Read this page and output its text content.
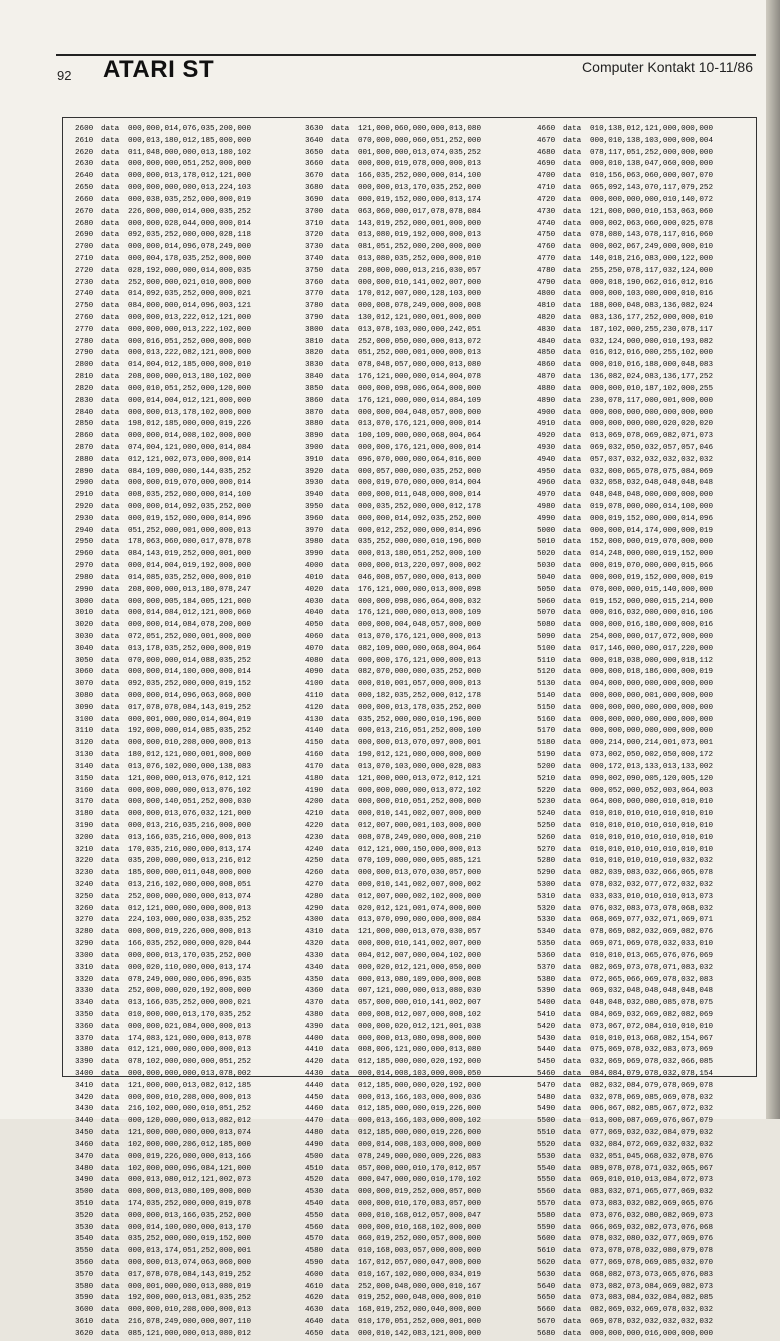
92 ATARI ST	Computer Kontakt 10-11/86
2600 data 000,000,014,076,035,200,000
2610 data 000,013,180,012,185,000,000
2620 data 011,048,000,000,013,180,102
2630 data 000,000,000,051,252,000,000
2640 data 000,000,013,178,012,121,000
2650 data 000,000,000,000,013,224,103
2660 data 000,038,035,252,000,000,019
2670 data 226,000,000,014,000,035,252
2680 data 000,000,028,044,000,000,014
2690 data 092,035,252,000,000,028,118
2700 data 000,000,014,096,078,249,000
2710 data 000,004,178,035,252,000,000
2720 data 028,192,000,000,014,000,035
2730 data 252,000,000,021,010,000,000
2740 data 014,092,035,252,000,000,021
2750 data 084,000,000,014,096,003,121
2760 data 000,000,013,222,012,121,000
2770 data 000,000,000,013,222,102,000
2780 data 000,016,051,252,000,000,000
2790 data 000,013,222,082,121,000,000
2800 data 014,004,012,185,000,000,010
2810 data 208,000,000,013,180,102,000
2820 data 000,010,051,252,000,120,000
2830 data 000,014,004,012,121,000,000
2840 data 000,000,013,178,102,000,000
2850 data 198,012,185,000,000,019,226
2860 data 000,000,014,008,102,000,000
2870 data 074,004,121,000,000,014,084
2880 data 012,121,002,073,000,000,014
2890 data 084,109,000,000,144,035,252
2900 data 000,000,019,070,000,000,014
2910 data 008,035,252,000,000,014,100
2920 data 000,000,014,092,035,252,000
2930 data 000,019,152,000,000,014,096
2940 data 051,252,000,001,000,000,013
2950 data 178,063,060,000,017,078,078
2960 data 084,143,019,252,000,001,000
2970 data 000,014,004,019,192,000,000
2980 data 014,085,035,252,000,000,010
2990 data 208,000,000,013,180,078,247
3000 data 000,000,005,184,005,121,000
3010 data 000,014,084,012,121,000,060
3020 data 000,000,014,084,078,200,000
3030 data 072,051,252,000,001,000,000
3040 data 013,178,035,252,000,000,019
3050 data 070,000,000,014,088,035,252
3060 data 000,000,014,100,000,000,014
3070 data 092,035,252,000,000,019,152
3080 data 000,000,014,096,063,060,000
3090 data 017,078,078,084,143,019,252
3100 data 000,001,000,000,014,004,019
3110 data 192,000,000,014,085,035,252
3120 data 000,000,010,208,000,000,013
3130 data 180,012,121,000,001,000,000
3140 data 013,076,102,000,000,138,083
3150 data 121,000,000,013,076,012,121
3160 data 000,000,000,000,013,076,102
3170 data 000,000,140,051,252,000,030
3180 data 000,000,013,076,032,121,000
3190 data 000,013,216,035,216,000,000
3200 data 013,166,035,216,000,000,013
3210 data 170,035,216,000,000,013,174
3220 data 035,200,000,000,013,216,012
3230 data 185,000,000,011,048,000,000
3240 data 013,216,102,000,000,008,051
3250 data 252,000,000,000,000,013,074
3260 data 012,121,000,000,000,000,013
3270 data 224,103,000,000,038,035,252
3280 data 000,000,019,226,000,000,013
3290 data 166,035,252,000,000,020,044
3300 data 000,000,013,170,035,252,000
3310 data 000,020,110,000,000,013,174
3320 data 078,249,000,000,006,096,035
3330 data 252,000,000,020,192,000,000
3340 data 013,166,035,252,000,000,021
3350 data 010,000,000,013,170,035,252
3360 data 000,000,021,084,000,000,013
3370 data 174,083,121,000,000,013,078
3380 data 012,121,000,000,000,000,013
3390 data 078,102,000,000,000,051,252
3400 data 000,000,000,000,013,078,002
3410 data 121,000,000,013,082,012,185
3420 data 000,000,010,208,000,000,013
3430 data 216,102,000,000,010,051,252
3440 data 000,120,000,000,013,082,012
3450 data 121,000,000,000,000,013,074
3460 data 102,000,000,206,012,185,000
3470 data 000,019,226,000,000,013,166
3480 data 102,000,000,096,084,121,000
3490 data 000,013,080,012,121,002,073
3500 data 000,000,013,080,109,000,000
3510 data 174,035,252,000,000,019,078
3520 data 000,000,013,166,035,252,000
3530 data 000,014,100,000,000,013,170
3540 data 035,252,000,000,019,152,000
3550 data 000,013,174,051,252,000,001
3560 data 000,000,013,074,063,060,000
3570 data 017,078,078,084,143,019,252
3580 data 000,001,000,000,013,080,019
3590 data 192,000,000,013,081,035,252
3600 data 000,000,010,208,000,000,013
3610 data 216,078,249,000,000,007,110
3620 data 085,121,000,000,013,080,012
3630 data 121,000,060,000,000,013,080
3640 data 070,000,000,060,051,252,000
3650 data 001,000,000,013,074,035,252
3660 data 000,000,019,078,000,000,013
3670 data 166,035,252,000,000,014,100
3680 data 000,000,013,170,035,252,000
3690 data 000,019,152,000,000,013,174
3700 data 063,060,000,017,078,078,084
3710 data 143,019,252,000,001,000,000
3720 data 013,080,019,192,000,000,013
3730 data 081,051,252,000,200,000,000
3740 data 013,080,035,252,000,000,010
3750 data 208,000,000,013,216,030,057
3760 data 000,000,010,141,002,007,000
3770 data 170,012,007,000,128,103,000
3780 data 000,008,078,249,000,000,008
3790 data 130,012,121,000,001,000,000
3800 data 013,078,103,000,000,242,051
3810 data 252,000,050,000,000,013,072
3820 data 051,252,000,001,000,000,013
3830 data 078,048,057,000,000,013,080
3840 data 176,121,000,000,014,004,078
3850 data 000,000,098,006,064,000,000
3860 data 176,121,000,000,014,084,109
3870 data 000,000,004,048,057,000,000
3880 data 013,070,176,121,000,000,014
3890 data 100,109,000,000,068,004,064
3900 data 000,000,176,121,000,000,014
3910 data 096,070,000,000,064,016,000
3920 data 000,057,000,000,035,252,000
3930 data 000,019,070,000,000,014,004
3940 data 000,000,011,048,000,000,014
3950 data 000,035,252,000,000,012,178
3960 data 000,000,014,092,035,252,000
3970 data 000,012,252,000,000,014,096
3980 data 035,252,000,000,010,196,000
3990 data 000,013,180,051,252,000,100
4000 data 000,000,013,220,097,000,002
4010 data 046,008,057,000,000,013,000
4020 data 176,121,000,000,013,000,098
4030 data 000,000,098,006,064,000,032
4040 data 176,121,000,000,013,000,109
4050 data 000,000,004,048,057,000,000
4060 data 013,070,176,121,000,000,013
4070 data 082,109,000,000,068,004,064
4080 data 000,000,176,121,000,000,013
4090 data 082,070,000,000,035,252,000
4100 data 000,010,001,057,000,000,013
4110 data 000,182,035,252,000,012,178
4120 data 000,000,013,178,035,252,000
4130 data 035,252,000,000,010,196,000
4140 data 000,013,216,051,252,000,100
4150 data 000,000,013,070,097,000,001
4160 data 190,012,121,000,000,000,000
4170 data 013,070,103,000,000,028,083
4180 data 121,000,000,013,072,012,121
4190 data 000,000,000,000,013,072,102
4200 data 000,000,010,051,252,000,000
4210 data 000,010,141,002,007,000,000
4220 data 012,007,000,001,103,000,000
4230 data 008,078,249,000,000,008,210
4240 data 012,121,000,150,000,000,013
4250 data 070,109,000,000,005,085,121
4260 data 000,000,013,070,030,057,000
4270 data 000,010,141,002,007,000,002
4280 data 012,007,000,002,102,000,000
4290 data 020,012,121,001,074,000,000
4300 data 013,070,090,000,000,000,084
4310 data 121,000,000,013,070,030,057
4320 data 000,000,010,141,002,007,000
4330 data 004,012,007,000,004,102,000
4340 data 000,020,012,121,000,050,000
4350 data 000,013,080,109,000,000,008
4360 data 007,121,000,000,013,080,030
4370 data 057,000,000,010,141,002,007
4380 data 000,008,012,007,000,008,102
4390 data 000,000,020,012,121,001,038
4400 data 000,000,013,080,098,000,000
4410 data 008,006,121,000,000,013,080
4420 data 012,185,000,000,020,192,000
4430 data 000,014,008,103,000,000,050
4440 data 012,185,000,000,020,192,000
4450 data 000,013,166,103,000,000,036
4460 data 012,185,000,000,019,226,000
4470 data 000,013,166,103,000,000,102
4480 data 012,185,000,000,019,226,000
4490 data 000,014,008,103,000,000,000
4500 data 078,249,000,000,009,226,083
4510 data 057,000,000,010,170,012,057
4520 data 000,047,000,000,010,170,102
4530 data 000,000,019,252,000,057,000
4540 data 000,000,010,170,083,057,000
4550 data 000,010,168,012,057,000,047
4560 data 000,000,010,168,102,000,000
4570 data 060,019,252,000,057,000,000
4580 data 010,168,003,057,000,000,000
4590 data 167,012,057,000,047,000,000
4600 data 010,167,102,000,000,034,019
4610 data 252,000,048,000,000,010,167
4620 data 019,252,000,048,000,000,010
4630 data 168,019,252,000,040,000,000
4640 data 010,170,051,252,000,001,000
4650 data 000,010,142,083,121,000,000
4660 data 010,138,012,121,000,000,000
4670 data 000,010,138,103,000,000,004
4680 data 078,117,051,252,000,000,000
4690 data 000,010,138,047,060,000,000
4700 data 010,156,063,060,000,007,070
4710 data 065,092,143,070,117,079,252
4720 data 000,000,000,000,010,140,072
4730 data 121,000,000,010,153,063,060
4740 data 000,002,063,060,000,025,078
4750 data 078,080,143,078,117,016,060
4760 data 000,002,067,249,000,000,010
4770 data 140,018,216,083,000,122,000
4780 data 255,250,078,117,032,124,000
4790 data 000,018,190,062,016,012,016
4800 data 000,000,103,000,000,010,016
4810 data 188,000,048,083,136,082,024
4820 data 083,136,177,252,000,000,010
4830 data 187,102,000,255,230,078,117
4840 data 032,124,000,000,010,193,082
4850 data 016,012,016,000,255,102,000
4860 data 000,010,016,188,000,048,083
4870 data 136,082,024,083,136,177,252
4880 data 000,000,010,187,102,000,255
4890 data 230,078,117,000,001,000,000
4900 data 000,000,000,000,000,000,000
4910 data 000,000,000,000,020,020,020
4920 data 013,069,078,069,082,071,073
4930 data 069,032,050,032,057,057,046
4940 data 057,037,032,032,032,032,032
4950 data 032,000,065,078,075,084,069
4960 data 032,058,032,048,048,048,048
4970 data 048,048,048,000,000,000,000
4980 data 019,078,000,000,014,100,000
4990 data 000,019,152,000,000,014,096
5000 data 000,000,014,174,000,000,019
5010 data 152,000,000,019,070,000,000
5020 data 014,248,000,000,019,152,000
5030 data 000,019,070,000,000,015,066
5040 data 000,000,019,152,000,000,019
5050 data 070,000,000,015,140,000,000
5060 data 019,152,000,000,015,214,000
5070 data 000,016,032,000,000,016,106
5080 data 000,000,016,180,000,000,016
5090 data 254,000,000,017,072,000,000
5100 data 017,146,000,000,017,220,000
5110 data 000,018,038,000,000,018,112
5120 data 000,000,018,186,000,000,019
5130 data 004,000,000,000,000,000,000
5140 data 000,000,000,001,000,000,000
5150 data 000,000,000,000,000,000,000
5160 data 000,000,000,000,000,000,000
5170 data 000,000,000,000,000,000,000
5180 data 000,214,000,214,001,073,001
5190 data 073,002,050,002,050,000,172
5200 data 000,172,013,133,013,133,002
5210 data 090,002,090,005,120,005,120
5220 data 000,052,000,052,003,064,003
5230 data 064,000,000,000,010,010,010
5240 data 010,010,010,010,010,010,010
5250 data 010,010,010,010,010,010,010
5260 data 010,010,010,010,010,010,010
5270 data 010,010,010,010,010,010,010
5280 data 010,010,010,010,010,032,032
5290 data 082,039,083,032,066,065,078
5300 data 078,032,032,077,072,032,032
5310 data 033,033,010,010,010,013,073
5320 data 076,032,083,073,078,068,032
5330 data 068,069,077,032,071,069,071
5340 data 078,069,082,032,069,082,076
5350 data 069,071,069,078,032,033,010
5360 data 010,010,013,065,076,076,069
5370 data 082,069,073,078,071,083,032
5380 data 072,065,066,069,078,032,083
5390 data 069,032,048,048,048,048,048
5400 data 048,048,032,080,085,078,075
5410 data 084,069,032,069,082,082,069
5420 data 073,067,072,084,010,010,010
5430 data 010,010,013,068,082,154,067
5440 data 075,069,078,032,083,073,069
5450 data 032,069,069,078,032,066,085
5460 data 084,084,079,078,032,078,154
5470 data 082,032,084,079,078,069,078
5480 data 032,078,069,085,069,078,032
5490 data 006,067,082,085,067,072,032
5500 data 013,000,087,069,076,067,079
5510 data 077,069,032,032,084,079,032
5520 data 032,084,072,069,032,032,032
5530 data 032,051,045,068,032,078,076
5540 data 089,078,078,071,032,065,067
5550 data 069,010,010,013,084,072,073
5560 data 083,032,071,065,077,069,032
5570 data 073,083,032,082,069,065,076
5580 data 073,076,032,080,082,069,073
5590 data 066,069,032,082,073,076,068
5600 data 078,032,080,032,077,069,076
5610 data 073,078,078,032,080,079,078
5620 data 077,069,078,069,085,032,070
5630 data 068,082,073,073,065,076,083
5640 data 073,082,073,084,069,082,073
5650 data 073,083,084,032,084,082,085
5660 data 082,069,032,069,078,032,032
5670 data 069,078,032,032,032,032,032
5680 data 000,000,000,016,000,000,000
